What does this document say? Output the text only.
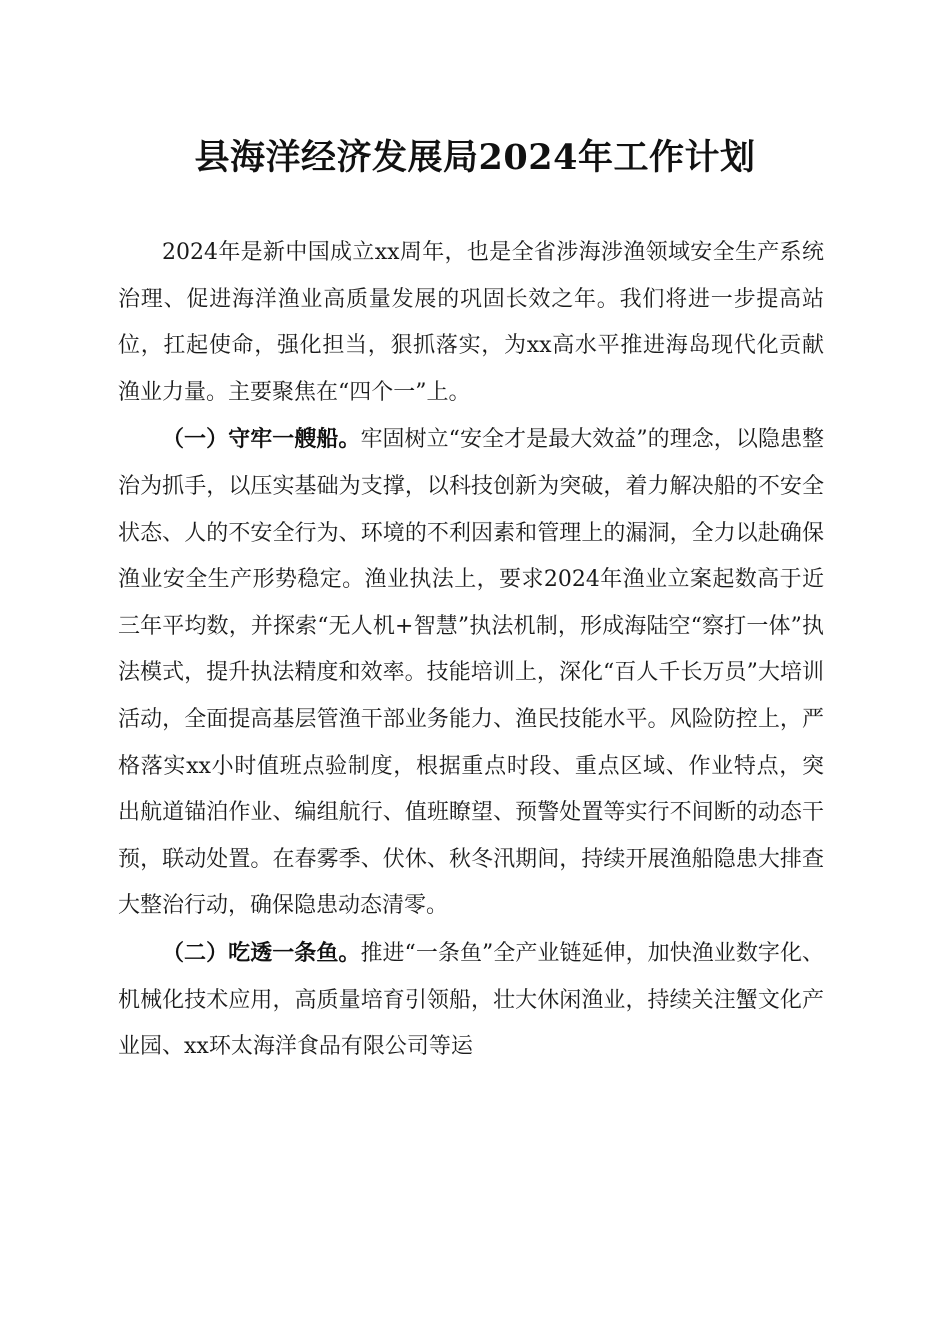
县海洋经济发展局2024年工作计划

2024年是新中国成立xx周年，也是全省涉海涉渔领域安全生产系统治理、促进海洋渔业高质量发展的巩固长效之年。我们将进一步提高站位，扛起使命，强化担当，狠抓落实，为xx高水平推进海岛现代化贡献渔业力量。主要聚焦在“四个一”上。

（一）守牢一艘船。牢固树立“安全才是最大效益”的理念，以隐患整治为抓手，以压实基础为支撑，以科技创新为突破，着力解决船的不安全状态、人的不安全行为、环境的不利因素和管理上的漏洞，全力以赴确保渔业安全生产形势稳定。渔业执法上，要求2024年渔业立案起数高于近三年平均数，并探索“无人机+智慧”执法机制，形成海陆空“察打一体”执法模式，提升执法精度和效率。技能培训上，深化“百人千长万员”大培训活动，全面提高基层管渔干部业务能力、渔民技能水平。风险防控上，严格落实xx小时值班点验制度，根据重点时段、重点区域、作业特点，突出航道锚泊作业、编组航行、值班瞭望、预警处置等实行不间断的动态干预，联动处置。在春雾季、伏休、秋冬汛期间，持续开展渔船隐患大排查大整治行动，确保隐患动态清零。

（二）吃透一条鱼。推进“一条鱼”全产业链延伸，加快渔业数字化、机械化技术应用，高质量培育引领船，壮大休闲渔业，持续关注蟹文化产业园、xx环太海洋食品有限公司等运
